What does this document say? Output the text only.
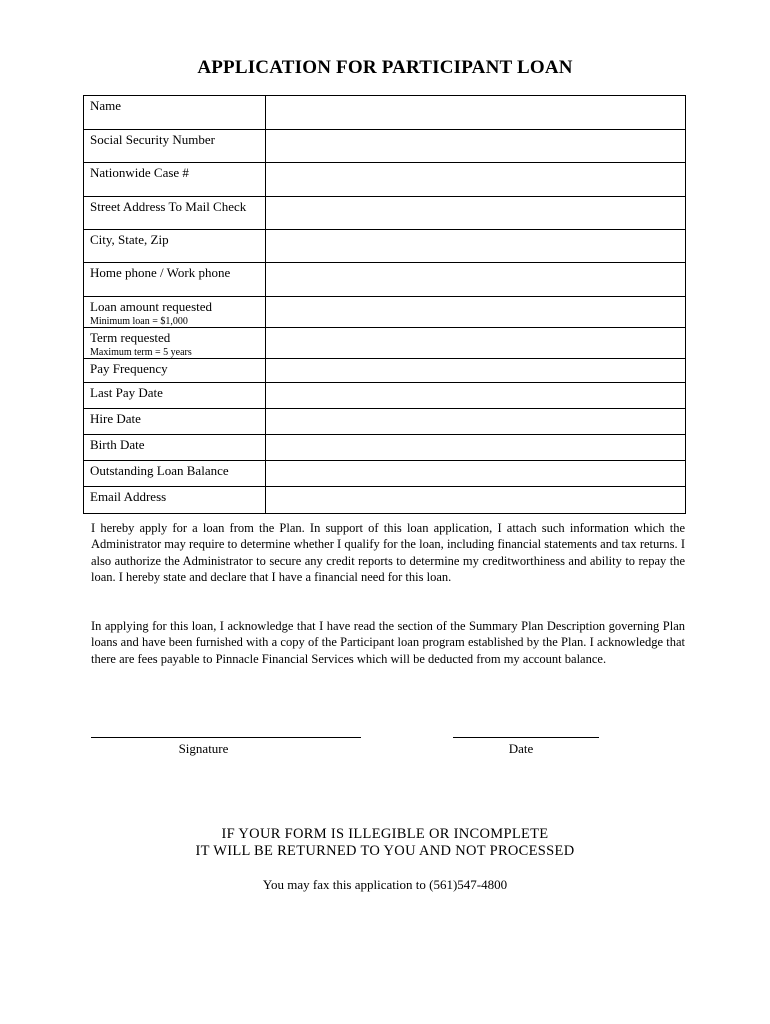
APPLICATION FOR PARTICIPANT LOAN
Name	

Social Security Number	

Nationwide Case #	

Street Address To Mail Check	

City, State, Zip	

Home phone / Work phone	

Loan amount requested
Minimum loan = $1,000	

Term requested
Maximum term = 5 years	

Pay Frequency	

Last Pay Date	

Hire Date	

Birth Date	

Outstanding Loan Balance	

Email Address	

I hereby apply for a loan from the Plan. In support of this loan application, I attach such information which the Administrator may require to determine whether I qualify for the loan, including financial statements and tax returns. I also authorize the Administrator to secure any credit reports to determine my creditworthiness and ability to repay the loan. I hereby state and declare that I have a financial need for this loan.

In applying for this loan, I acknowledge that I have read the section of the Summary Plan Description governing Plan loans and have been furnished with a copy of the Participant loan program established by the Plan. I acknowledge that there are fees payable to Pinnacle Financial Services which will be deducted from my account balance.

Signature	Date
IF YOUR FORM IS ILLEGIBLE OR INCOMPLETE
IT WILL BE RETURNED TO YOU AND NOT PROCESSED
You may fax this application to (561)547-4800
